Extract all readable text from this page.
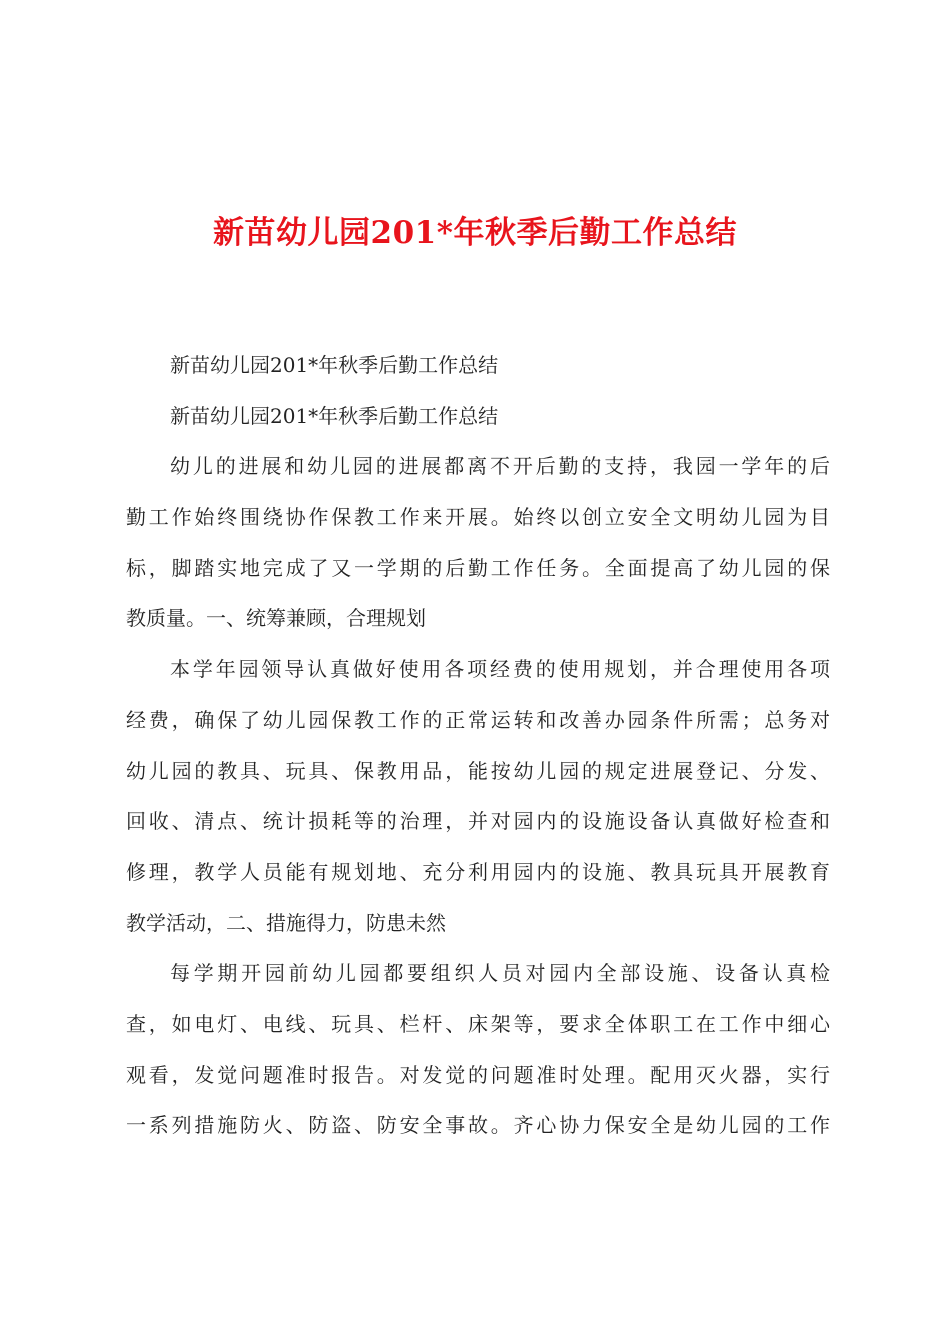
新苗幼儿园201*年秋季后勤工作总结
新苗幼儿园201*年秋季后勤工作总结
新苗幼儿园201*年秋季后勤工作总结
幼儿的进展和幼儿园的进展都离不开后勤的支持，我园一学年的后
勤工作始终围绕协作保教工作来开展。始终以创立安全文明幼儿园为目
标，脚踏实地完成了又一学期的后勤工作任务。全面提高了幼儿园的保
教质量。一、统筹兼顾，合理规划
本学年园领导认真做好使用各项经费的使用规划，并合理使用各项
经费，确保了幼儿园保教工作的正常运转和改善办园条件所需；总务对
幼儿园的教具、玩具、保教用品，能按幼儿园的规定进展登记、分发、
回收、清点、统计损耗等的治理，并对园内的设施设备认真做好检查和
修理，教学人员能有规划地、充分利用园内的设施、教具玩具开展教育
教学活动，二、措施得力，防患未然
每学期开园前幼儿园都要组织人员对园内全部设施、设备认真检
查，如电灯、电线、玩具、栏杆、床架等，要求全体职工在工作中细心
观看，发觉问题准时报告。对发觉的问题准时处理。配用灭火器，实行
一系列措施防火、防盗、防安全事故。齐心协力保安全是幼儿园的工作
